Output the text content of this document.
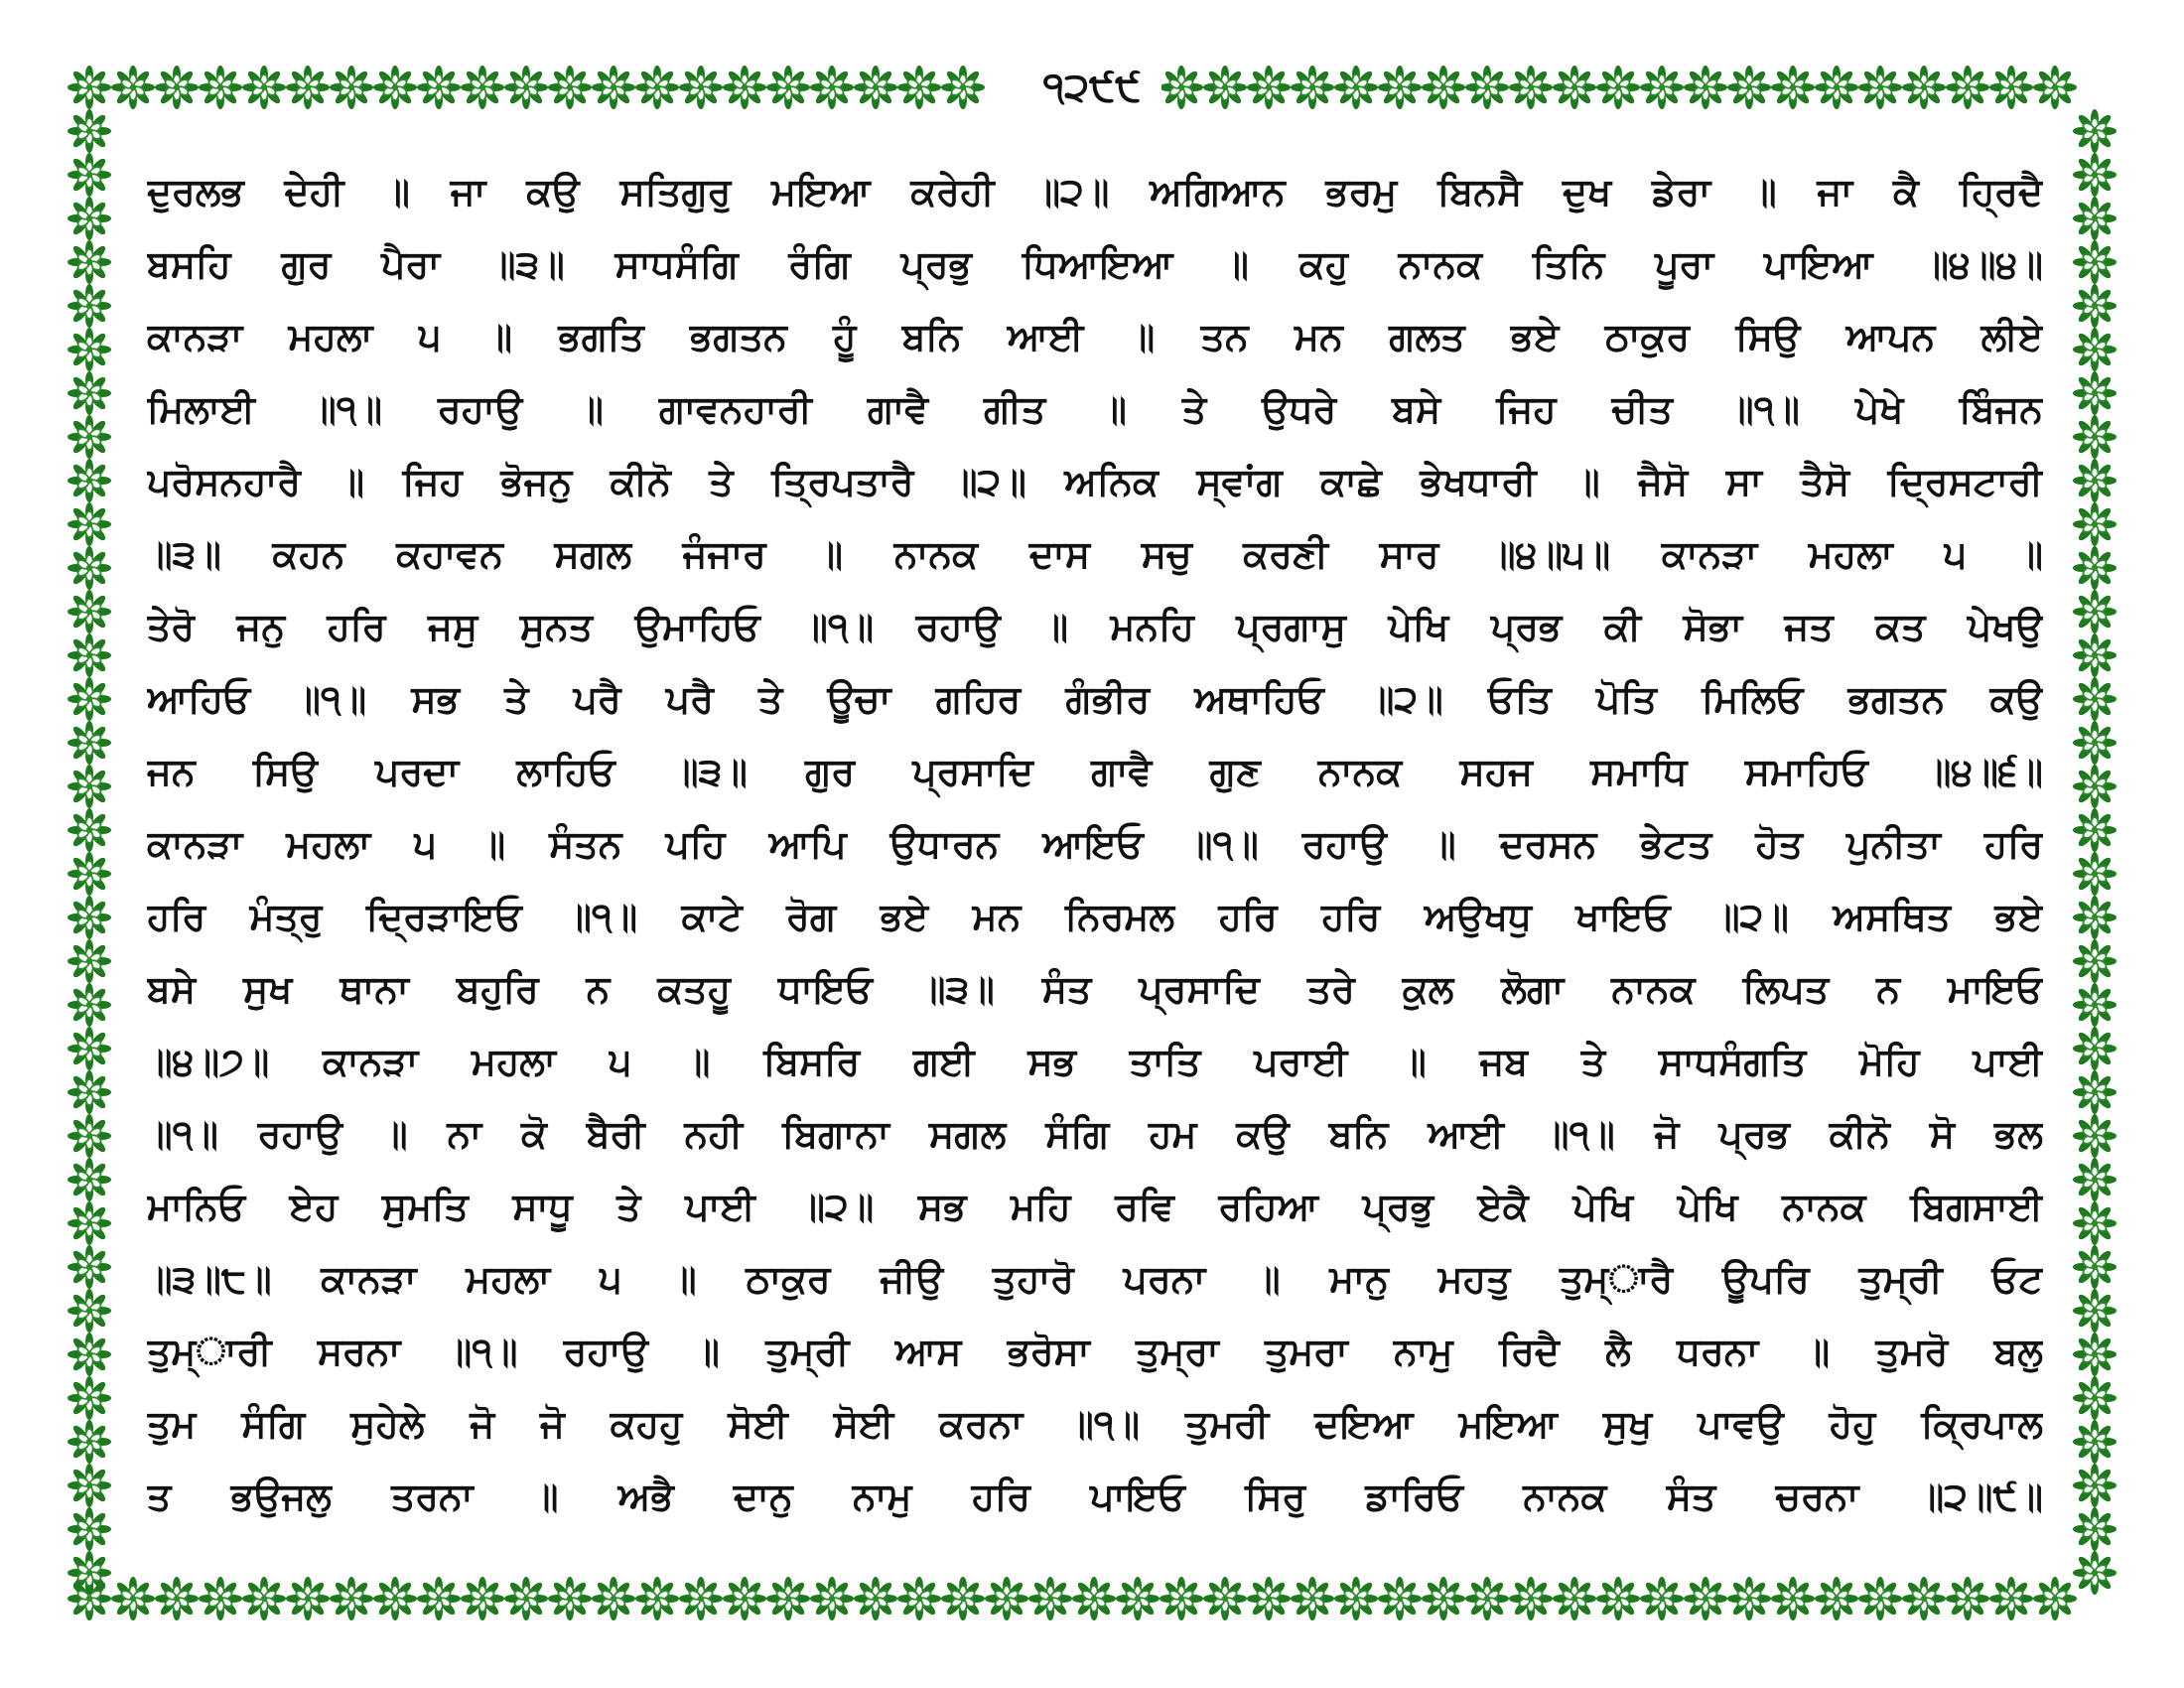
੧੨੯੯
ਦੁਰਲਭ ਦੇਹੀ ॥ ਜਾ ਕਉ ਸਤਿਗੁਰੁ ਮਇਆ ਕਰੇਹੀ ॥੨॥ ਅਗਿਆਨ ਭਰਮੁ ਬਿਨਸੈ ਦੁਖ ਡੇਰਾ ॥ ਜਾ ਕੈ ਹ੍ਰਿਦੈ
ਬਸਹਿ ਗੁਰ ਪੈਰਾ ॥੩॥ ਸਾਧਸੰਗਿ ਰੰਗਿ ਪ੍ਰਭੁ ਧਿਆਇਆ ॥ ਕਹੁ ਨਾਨਕ ਤਿਨਿ ਪੂਰਾ ਪਾਇਆ ॥੪॥੪॥
ਕਾਨੜਾ ਮਹਲਾ ੫ ॥ ਭਗਤਿ ਭਗਤਨ ਹੂੰ ਬਨਿ ਆਈ ॥ ਤਨ ਮਨ ਗਲਤ ਭਏ ਠਾਕੁਰ ਸਿਉ ਆਪਨ ਲੀਏ
ਮਿਲਾਈ ॥੧॥ ਰਹਾਉ ॥ ਗਾਵਨਹਾਰੀ ਗਾਵੈ ਗੀਤ ॥ ਤੇ ਉਧਰੇ ਬਸੇ ਜਿਹ ਚੀਤ ॥੧॥ ਪੇਖੇ ਬਿੰਜਨ
ਪਰੋਸਨਹਾਰੈ ॥ ਜਿਹ ਭੋਜਨੁ ਕੀਨੋ ਤੇ ਤ੍ਰਿਪਤਾਰੈ ॥੨॥ ਅਨਿਕ ਸ੍ਵਾਂਗ ਕਾਛੇ ਭੇਖਧਾਰੀ ॥ ਜੈਸੋ ਸਾ ਤੈਸੋ ਦ੍ਰਿਸਟਾਰੀ
॥੩॥ ਕਹਨ ਕਹਾਵਨ ਸਗਲ ਜੰਜਾਰ ॥ ਨਾਨਕ ਦਾਸ ਸਚੁ ਕਰਣੀ ਸਾਰ ॥੪॥੫॥ ਕਾਨੜਾ ਮਹਲਾ ੫ ॥
ਤੇਰੋ ਜਨੁ ਹਰਿ ਜਸੁ ਸੁਨਤ ਉਮਾਹਿਓ ॥੧॥ ਰਹਾਉ ॥ ਮਨਹਿ ਪ੍ਰਗਾਸੁ ਪੇਖਿ ਪ੍ਰਭ ਕੀ ਸੋਭਾ ਜਤ ਕਤ ਪੇਖਉ
ਆਹਿਓ ॥੧॥ ਸਭ ਤੇ ਪਰੈ ਪਰੈ ਤੇ ਊਚਾ ਗਹਿਰ ਗੰਭੀਰ ਅਥਾਹਿਓ ॥੨॥ ਓਤਿ ਪੋਤਿ ਮਿਲਿਓ ਭਗਤਨ ਕਉ
ਜਨ ਸਿਉ ਪਰਦਾ ਲਾਹਿਓ ॥੩॥ ਗੁਰ ਪ੍ਰਸਾਦਿ ਗਾਵੈ ਗੁਣ ਨਾਨਕ ਸਹਜ ਸਮਾਧਿ ਸਮਾਹਿਓ ॥੪॥੬॥
ਕਾਨੜਾ ਮਹਲਾ ੫ ॥ ਸੰਤਨ ਪਹਿ ਆਪਿ ਉਧਾਰਨ ਆਇਓ ॥੧॥ ਰਹਾਉ ॥ ਦਰਸਨ ਭੇਟਤ ਹੋਤ ਪੁਨੀਤਾ ਹਰਿ
ਹਰਿ ਮੰਤ੍ਰੁ ਦ੍ਰਿੜਾਇਓ ॥੧॥ ਕਾਟੇ ਰੋਗ ਭਏ ਮਨ ਨਿਰਮਲ ਹਰਿ ਹਰਿ ਅਉਖਧੁ ਖਾਇਓ ॥੨॥ ਅਸਥਿਤ ਭਏ
ਬਸੇ ਸੁਖ ਥਾਨਾ ਬਹੁਰਿ ਨ ਕਤਹੂ ਧਾਇਓ ॥੩॥ ਸੰਤ ਪ੍ਰਸਾਦਿ ਤਰੇ ਕੁਲ ਲੋਗਾ ਨਾਨਕ ਲਿਪਤ ਨ ਮਾਇਓ
॥੪॥੭॥ ਕਾਨੜਾ ਮਹਲਾ ੫ ॥ ਬਿਸਰਿ ਗਈ ਸਭ ਤਾਤਿ ਪਰਾਈ ॥ ਜਬ ਤੇ ਸਾਧਸੰਗਤਿ ਮੋਹਿ ਪਾਈ
॥੧॥ ਰਹਾਉ ॥ ਨਾ ਕੋ ਬੈਰੀ ਨਹੀ ਬਿਗਾਨਾ ਸਗਲ ਸੰਗਿ ਹਮ ਕਉ ਬਨਿ ਆਈ ॥੧॥ ਜੋ ਪ੍ਰਭ ਕੀਨੋ ਸੋ ਭਲ
ਮਾਨਿਓ ਏਹ ਸੁਮਤਿ ਸਾਧੂ ਤੇ ਪਾਈ ॥੨॥ ਸਭ ਮਹਿ ਰਵਿ ਰਹਿਆ ਪ੍ਰਭੁ ਏਕੈ ਪੇਖਿ ਪੇਖਿ ਨਾਨਕ ਬਿਗਸਾਈ
॥੩॥੮॥ ਕਾਨੜਾ ਮਹਲਾ ੫ ॥ ਠਾਕੁਰ ਜੀਉ ਤੁਹਾਰੋ ਪਰਨਾ ॥ ਮਾਨੁ ਮਹਤੁ ਤੁਮ੍ਾਰੈ ਊਪਰਿ ਤੁਮ੍ਰੀ ਓਟ
ਤੁਮ੍ਾਰੀ ਸਰਨਾ ॥੧॥ ਰਹਾਉ ॥ ਤੁਮ੍ਰੀ ਆਸ ਭਰੋਸਾ ਤੁਮ੍ਰਾ ਤੁਮਰਾ ਨਾਮੁ ਰਿਦੈ ਲੈ ਧਰਨਾ ॥ ਤੁਮਰੋ ਬਲੁ
ਤੁਮ ਸੰਗਿ ਸੁਹੇਲੇ ਜੋ ਜੋ ਕਹਹੁ ਸੋਈ ਸੋਈ ਕਰਨਾ ॥੧॥ ਤੁਮਰੀ ਦਇਆ ਮਇਆ ਸੁਖੁ ਪਾਵਉ ਹੋਹੁ ਕ੍ਰਿਪਾਲ
ਤ ਭਉਜਲੁ ਤਰਨਾ ॥ ਅਭੈ ਦਾਨੁ ਨਾਮੁ ਹਰਿ ਪਾਇਓ ਸਿਰੁ ਡਾਰਿਓ ਨਾਨਕ ਸੰਤ ਚਰਨਾ ॥੨॥੯॥
